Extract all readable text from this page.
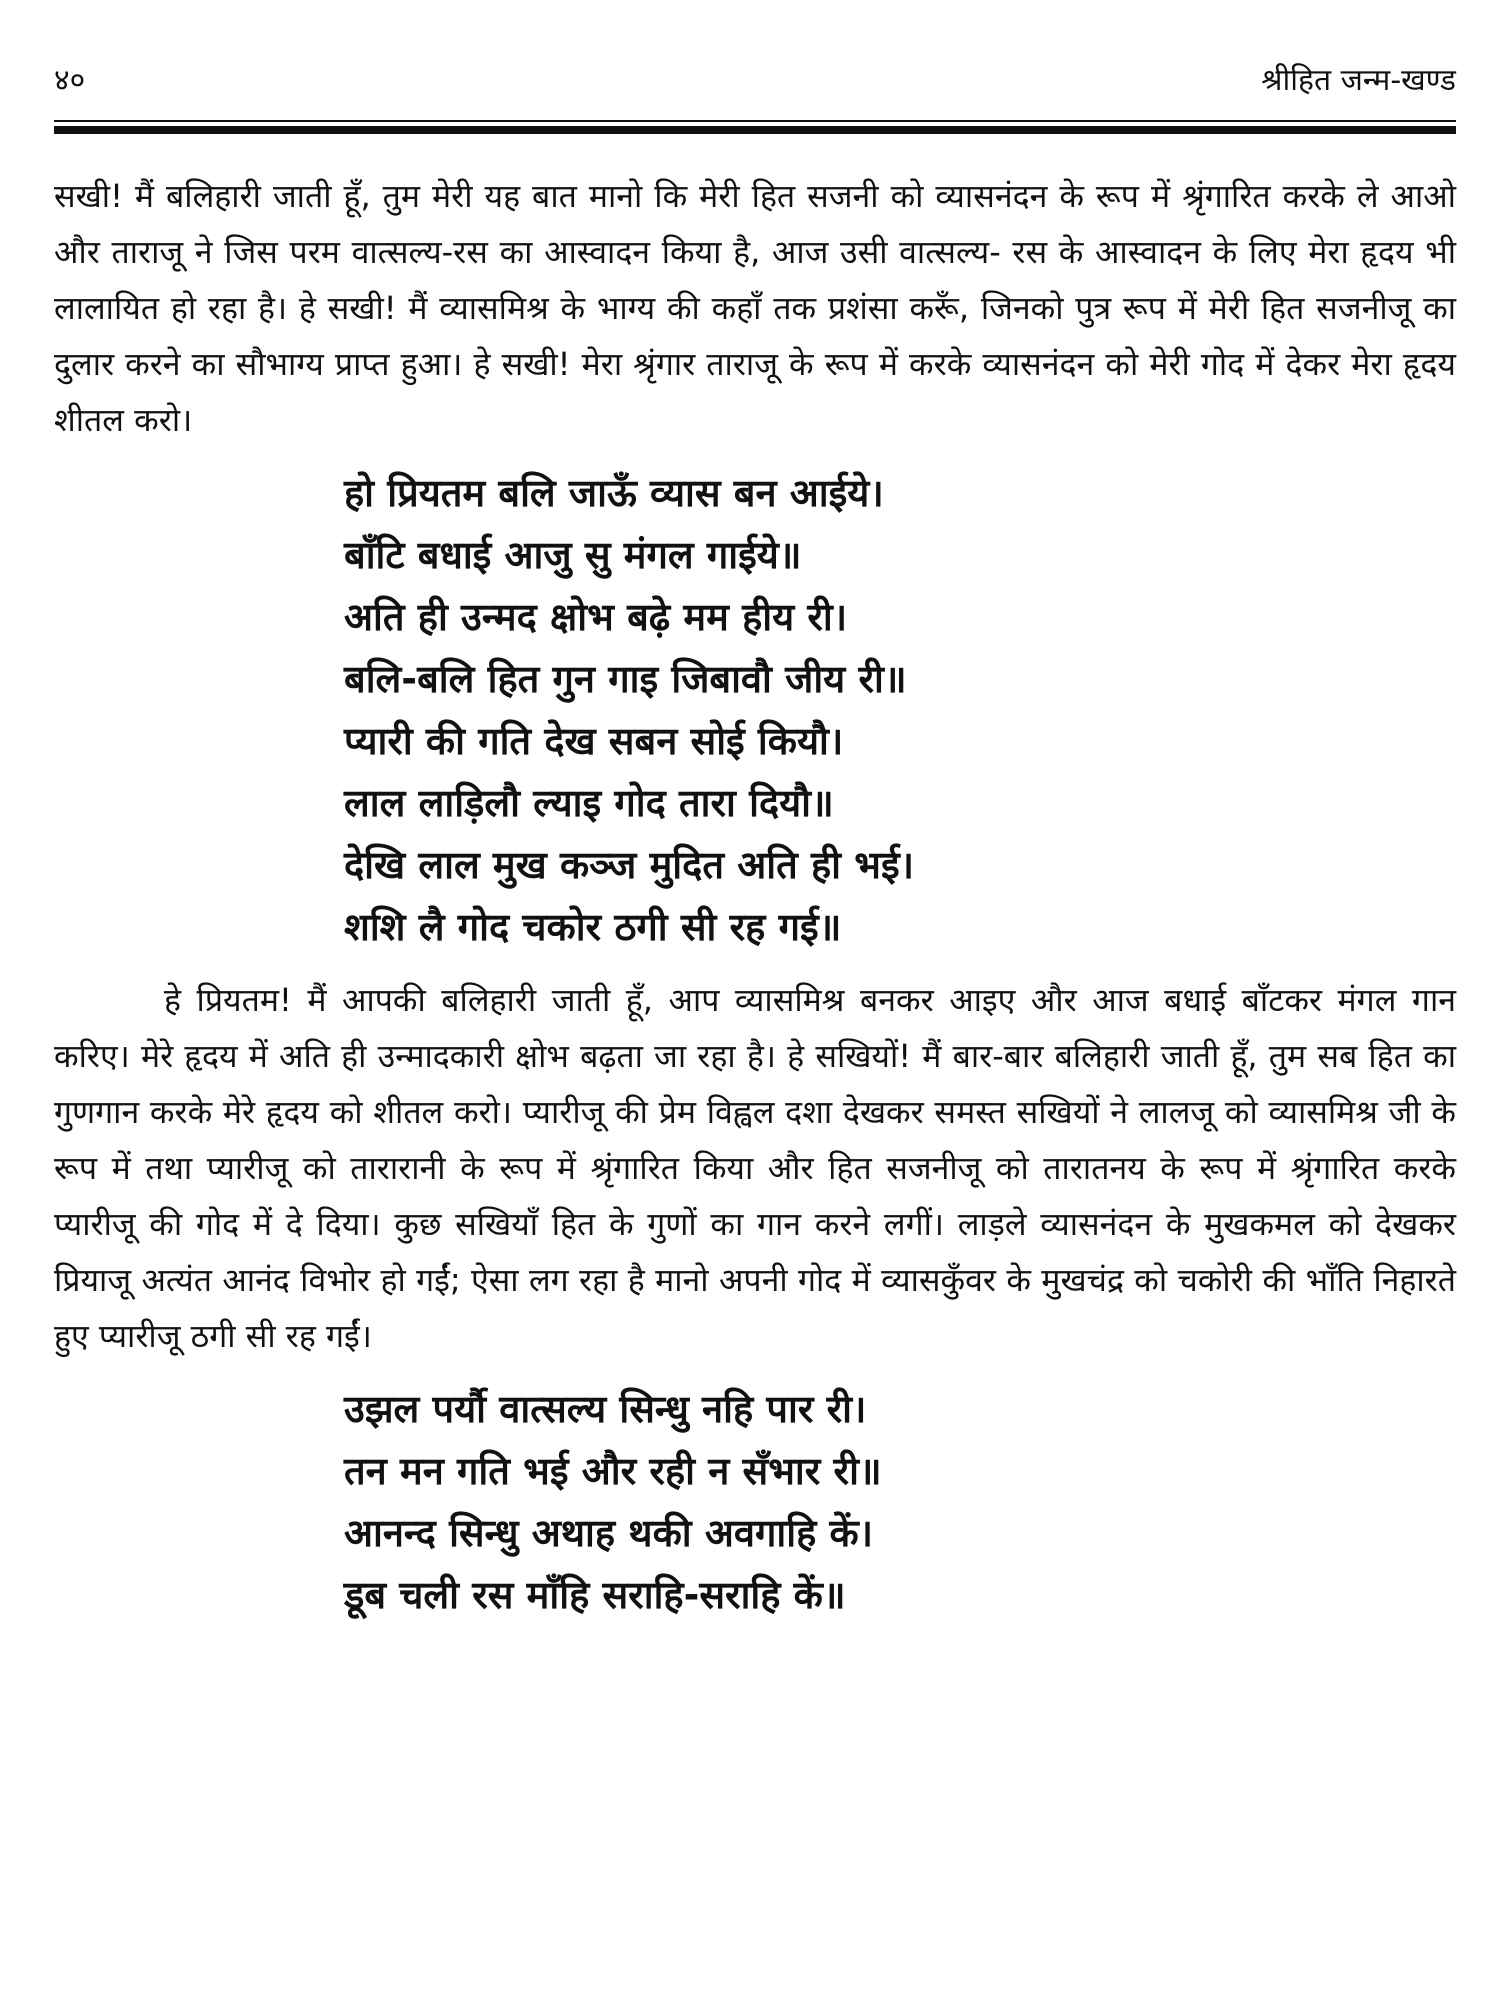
४०	श्रीहित जन्म-खण्ड

सखी! मैं बलिहारी जाती हूँ, तुम मेरी यह बात मानो कि मेरी हित सजनी को व्यासनंदन के रूप में श्रृंगारित करके ले आओ और ताराजू ने जिस परम वात्सल्य-रस का आस्वादन किया है, आज उसी वात्सल्य- रस के आस्वादन के लिए मेरा हृदय भी लालायित हो रहा है। हे सखी! मैं व्यासमिश्र के भाग्य की कहाँ तक प्रशंसा करूँ, जिनको पुत्र रूप में मेरी हित सजनीजू का दुलार करने का सौभाग्य प्राप्त हुआ। हे सखी! मेरा श्रृंगार ताराजू के रूप में करके व्यासनंदन को मेरी गोद में देकर मेरा हृदय शीतल करो।

हो प्रियतम बलि जाऊँ व्यास बन आईये।
बाँटि बधाई आजु सु मंगल गाईये॥
अति ही उन्मद क्षोभ बढ़े मम हीय री।
बलि-बलि हित गुन गाइ जिबावौ जीय री॥
प्यारी की गति देख सबन सोई कियौ।
लाल लाड़िलौ ल्याइ गोद तारा दियौ॥
देखि लाल मुख कञ्ज मुदित अति ही भई।
शशि लै गोद चकोर ठगी सी रह गई॥

हे प्रियतम! मैं आपकी बलिहारी जाती हूँ, आप व्यासमिश्र बनकर आइए और आज बधाई बाँटकर मंगल गान करिए। मेरे हृदय में अति ही उन्मादकारी क्षोभ बढ़ता जा रहा है। हे सखियों! मैं बार-बार बलिहारी जाती हूँ, तुम सब हित का गुणगान करके मेरे हृदय को शीतल करो। प्यारीजू की प्रेम विह्वल दशा देखकर समस्त सखियों ने लालजू को व्यासमिश्र जी के रूप में तथा प्यारीजू को तारारानी के रूप में श्रृंगारित किया और हित सजनीजू को तारातनय के रूप में श्रृंगारित करके प्यारीजू की गोद में दे दिया। कुछ सखियाँ हित के गुणों का गान करने लगीं। लाड़ले व्यासनंदन के मुखकमल को देखकर प्रियाजू अत्यंत आनंद विभोर हो गईं; ऐसा लग रहा है मानो अपनी गोद में व्यासकुँवर के मुखचंद्र को चकोरी की भाँति निहारते हुए प्यारीजू ठगी सी रह गईं।

उझल पर्यौ वात्सल्य सिन्धु नहि पार री।
तन मन गति भई और रही न सँभार री॥
आनन्द सिन्धु अथाह थकी अवगाहि कें।
डूब चली रस माँहि सराहि-सराहि कें॥
